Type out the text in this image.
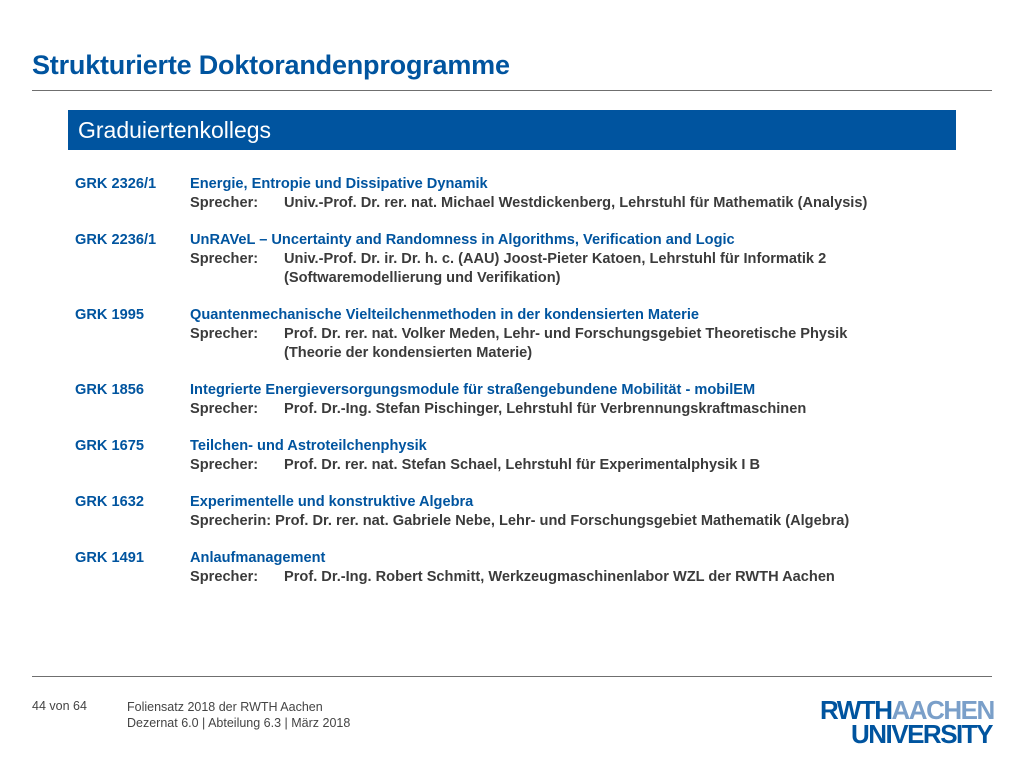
Strukturierte Doktorandenprogramme
Graduiertenkollegs
GRK 2326/1	Energie, Entropie und Dissipative Dynamik
Sprecher:	Univ.-Prof. Dr. rer. nat. Michael Westdickenberg, Lehrstuhl für Mathematik (Analysis)
GRK 2236/1	UnRAVeL – Uncertainty and Randomness in Algorithms, Verification and Logic
Sprecher:	Univ.-Prof. Dr. ir. Dr. h. c. (AAU) Joost-Pieter Katoen, Lehrstuhl für Informatik 2
(Softwaremodellierung und Verifikation)
GRK 1995	Quantenmechanische Vielteilchenmethoden in der kondensierten Materie
Sprecher:	Prof. Dr. rer. nat. Volker Meden, Lehr- und Forschungsgebiet Theoretische Physik
(Theorie der kondensierten Materie)
GRK 1856	Integrierte Energieversorgungsmodule für straßengebundene Mobilität - mobilEM
Sprecher:	Prof. Dr.-Ing. Stefan Pischinger, Lehrstuhl für Verbrennungskraftmaschinen
GRK 1675	Teilchen- und Astroteilchenphysik
Sprecher:	Prof. Dr. rer. nat. Stefan Schael, Lehrstuhl für Experimentalphysik I B
GRK 1632	Experimentelle und konstruktive Algebra
Sprecherin: Prof. Dr. rer. nat. Gabriele Nebe, Lehr- und Forschungsgebiet Mathematik (Algebra)
GRK 1491	Anlaufmanagement
Sprecher:	Prof. Dr.-Ing. Robert Schmitt, Werkzeugmaschinenlabor WZL der RWTH Aachen
44 von 64	Foliensatz 2018 der RWTH Aachen
Dezernat 6.0 | Abteilung 6.3 | März 2018	RWTHAACHEN
UNIVERSITY
